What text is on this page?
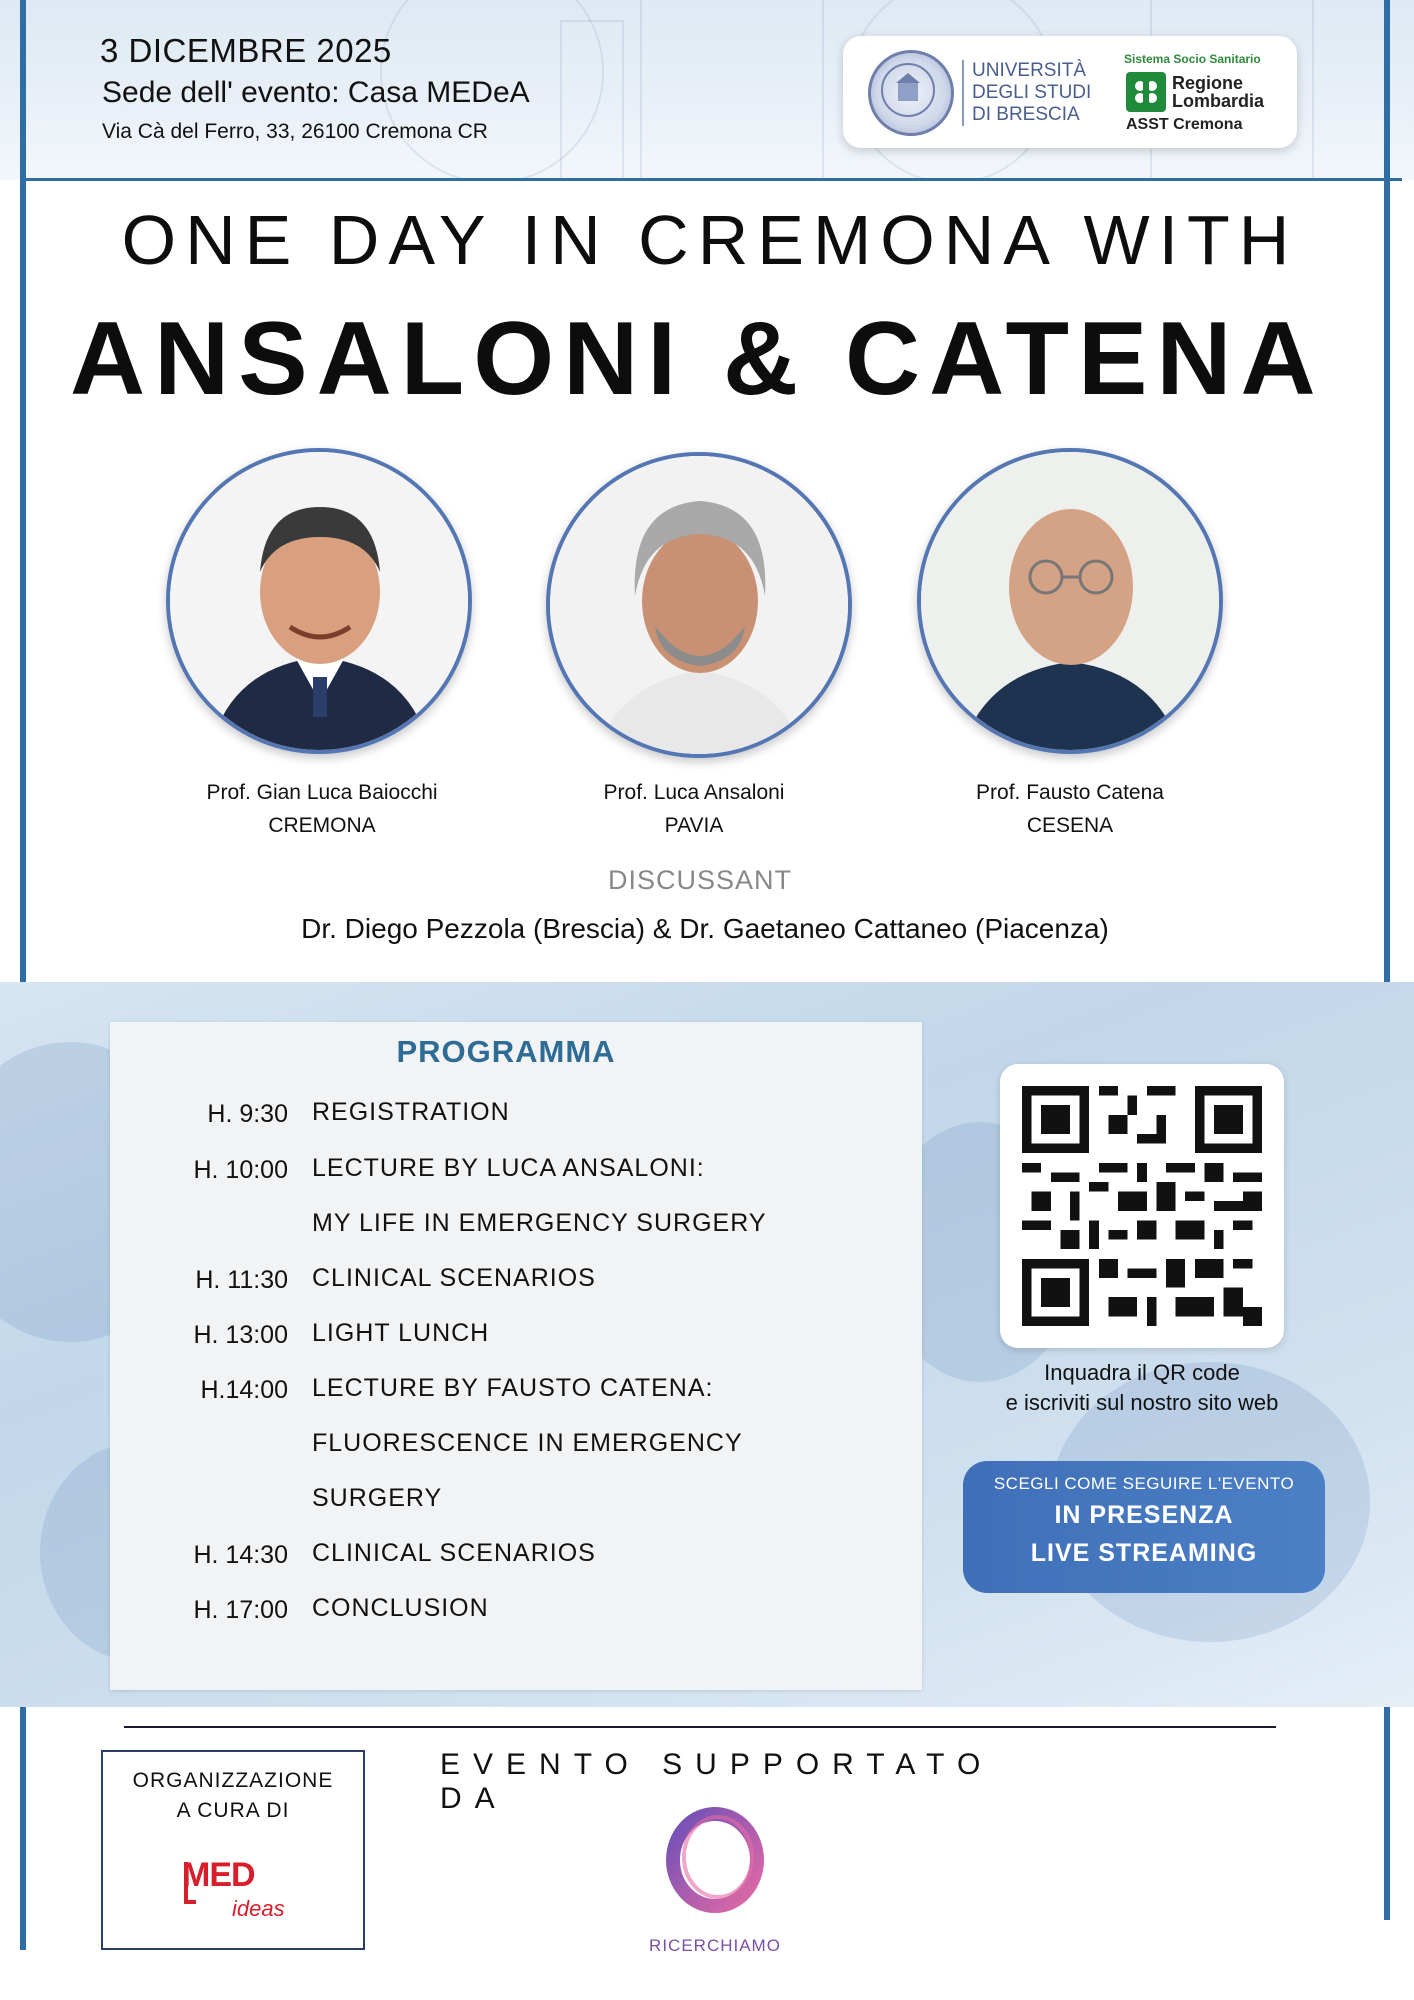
3 DICEMBRE 2025
Sede dell' evento: Casa MEDeA
Via Cà del Ferro, 33, 26100 Cremona CR
UNIVERSITÀ
DEGLI STUDI
DI BRESCIA
Sistema Socio Sanitario
Regione
Lombardia
ASST Cremona
ONE DAY IN CREMONA WITH
ANSALONI & CATENA
Prof. Gian Luca Baiocchi
CREMONA
Prof. Luca Ansaloni
PAVIA
Prof. Fausto Catena
CESENA
DISCUSSANT
Dr. Diego Pezzola (Brescia) & Dr. Gaetaneo Cattaneo (Piacenza)
PROGRAMMA
H. 9:30 REGISTRATION
H. 10:00 LECTURE BY LUCA ANSALONI:
MY LIFE IN EMERGENCY SURGERY
H. 11:30 CLINICAL SCENARIOS
H. 13:00 LIGHT LUNCH
H.14:00 LECTURE BY FAUSTO CATENA:
FLUORESCENCE IN EMERGENCY
SURGERY
H. 14:30 CLINICAL SCENARIOS
H. 17:00 CONCLUSION
Inquadra il QR code
e iscriviti sul nostro sito web
SCEGLI COME SEGUIRE L'EVENTO
IN PRESENZA
LIVE STREAMING
ORGANIZZAZIONE
A CURA DI
MED
ideas
EVENTO SUPPORTATO DA
RICERCHIAMO
